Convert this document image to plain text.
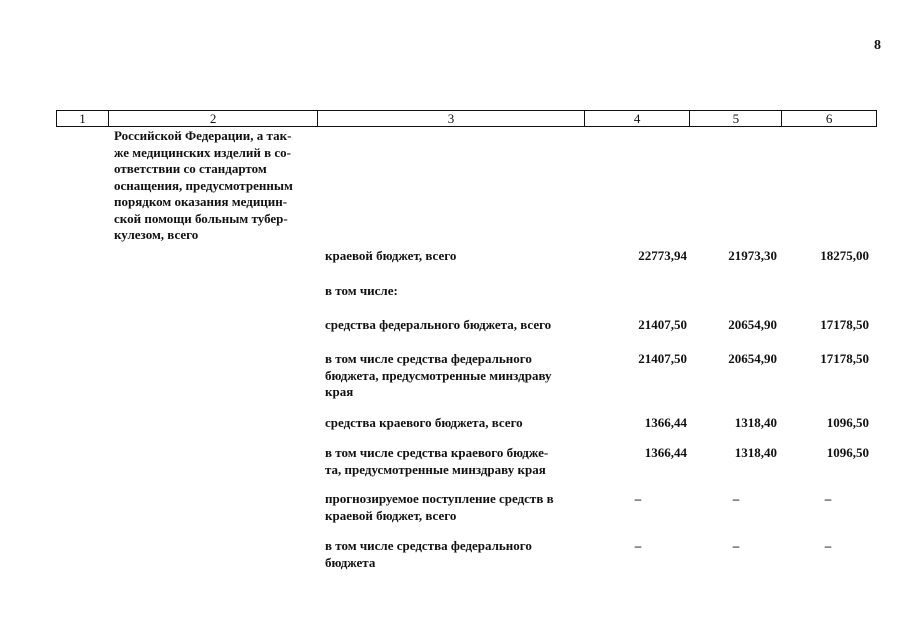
8
1	2	3	4	5	6
Российской Федерации, а так-
же медицинских изделий в со-
ответствии со стандартом
оснащения, предусмотренным
порядком оказания медицин-
ской помощи больным тубер-
кулезом, всего
краевой бюджет, всего	22773,94	21973,30	18275,00
в том числе:
средства федерального бюджета, всего	21407,50	20654,90	17178,50
в том числе средства федерального
бюджета, предусмотренные минздраву
края
21407,50	20654,90	17178,50
средства краевого бюджета, всего	1366,44	1318,40	1096,50
в том числе средства краевого бюдже-
та, предусмотренные минздраву края
1366,44	1318,40	1096,50
прогнозируемое поступление средств в
краевой бюджет, всего
–	–	–
в том числе средства федерального
бюджета
–	–	–
